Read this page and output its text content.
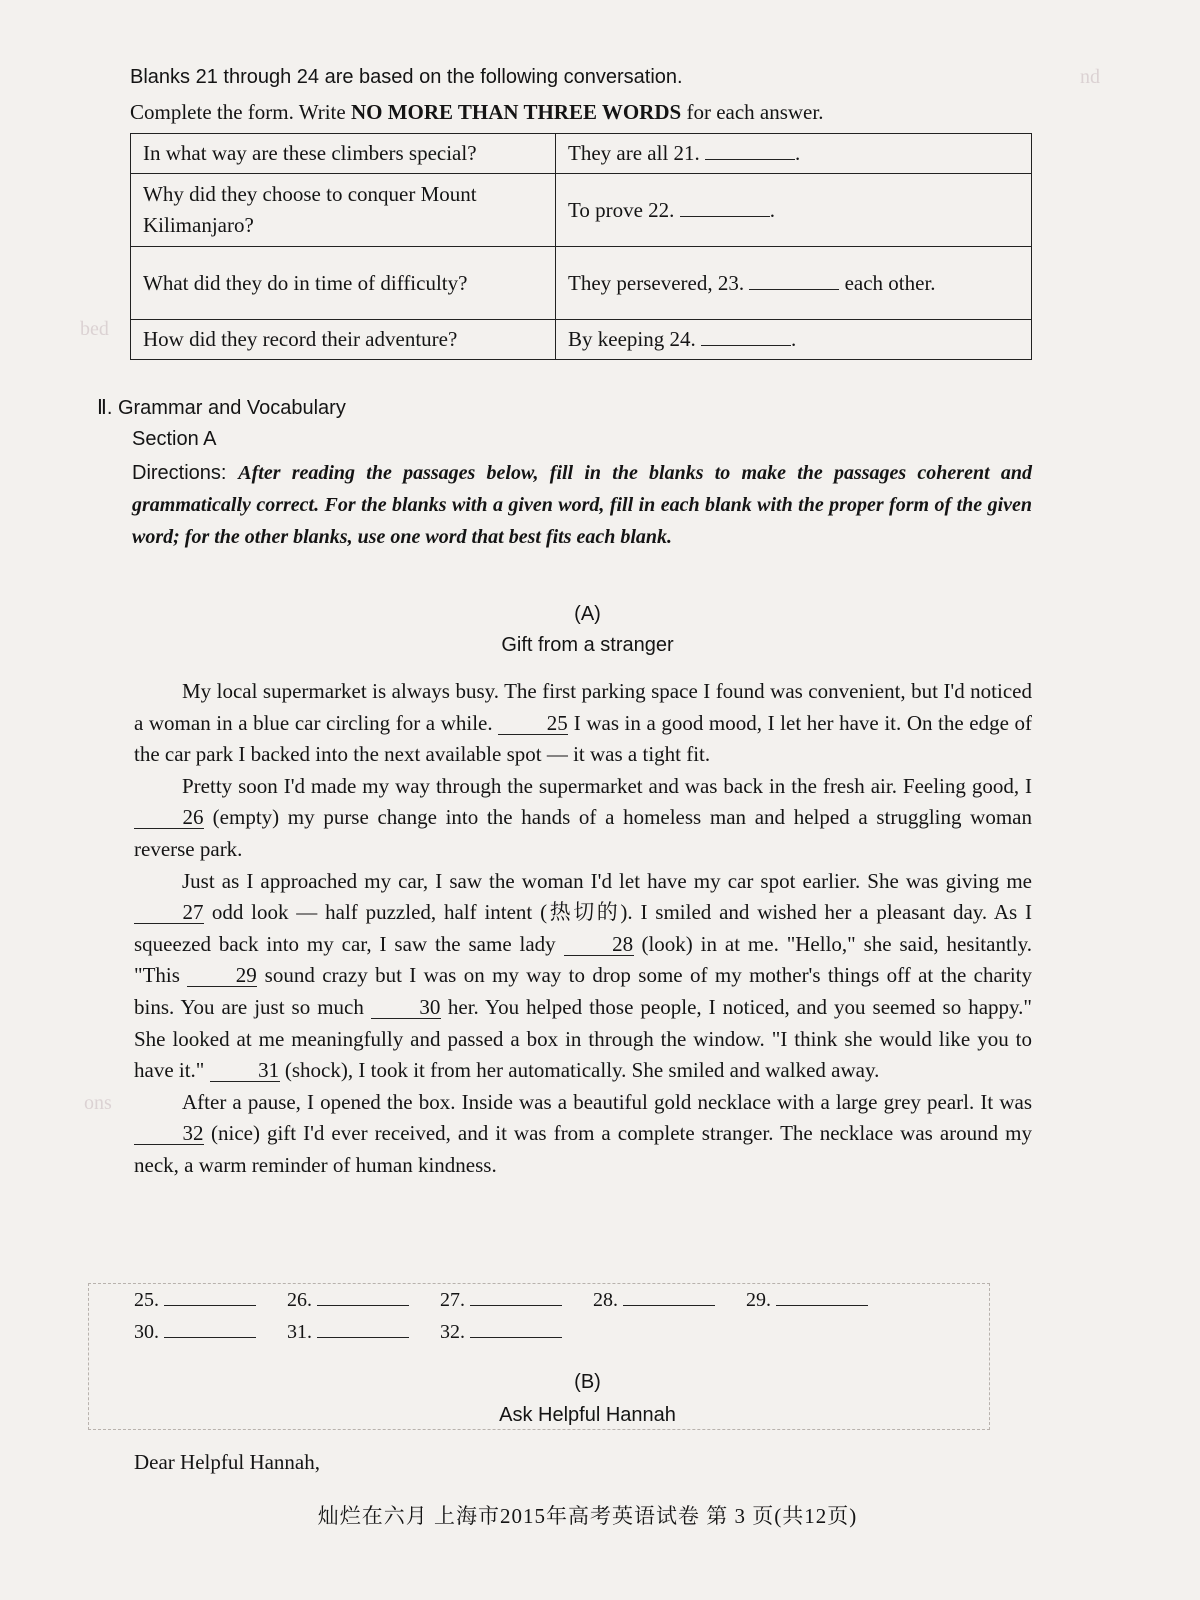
nd
bed
ons
Blanks 21 through 24 are based on the following conversation.
Complete the form. Write NO MORE THAN THREE WORDS for each answer.
In what way are these climbers special?	They are all 21. .
Why did they choose to conquer Mount Kilimanjaro?	To prove 22. .
What did they do in time of difficulty?	They persevered, 23. each other.
How did they record their adventure?	By keeping 24. .
Ⅱ. Grammar and Vocabulary
Section A
Directions: After reading the passages below, fill in the blanks to make the passages coherent and grammatically correct. For the blanks with a given word, fill in each blank with the proper form of the given word; for the other blanks, use one word that best fits each blank.
(A)
Gift from a stranger

My local supermarket is always busy. The first parking space I found was convenient, but I'd noticed a woman in a blue car circling for a while. 25 I was in a good mood, I let her have it. On the edge of the car park I backed into the next available spot — it was a tight fit.

Pretty soon I'd made my way through the supermarket and was back in the fresh air. Feeling good, I 26 (empty) my purse change into the hands of a homeless man and helped a struggling woman reverse park.

Just as I approached my car, I saw the woman I'd let have my car spot earlier. She was giving me 27 odd look — half puzzled, half intent (热切的). I smiled and wished her a pleasant day. As I squeezed back into my car, I saw the same lady 28 (look) in at me. "Hello," she said, hesitantly. "This 29 sound crazy but I was on my way to drop some of my mother's things off at the charity bins. You are just so much 30 her. You helped those people, I noticed, and you seemed so happy." She looked at me meaningfully and passed a box in through the window. "I think she would like you to have it." 31 (shock), I took it from her automatically. She smiled and walked away.

After a pause, I opened the box. Inside was a beautiful gold necklace with a large grey pearl. It was 32 (nice) gift I'd ever received, and it was from a complete stranger. The necklace was around my neck, a warm reminder of human kindness.

25.	26.	27.	28.	29.
30.	31.	32.
(B)
Ask Helpful Hannah
Dear Helpful Hannah,
灿烂在六月 上海市2015年高考英语试卷 第 3 页(共12页)
